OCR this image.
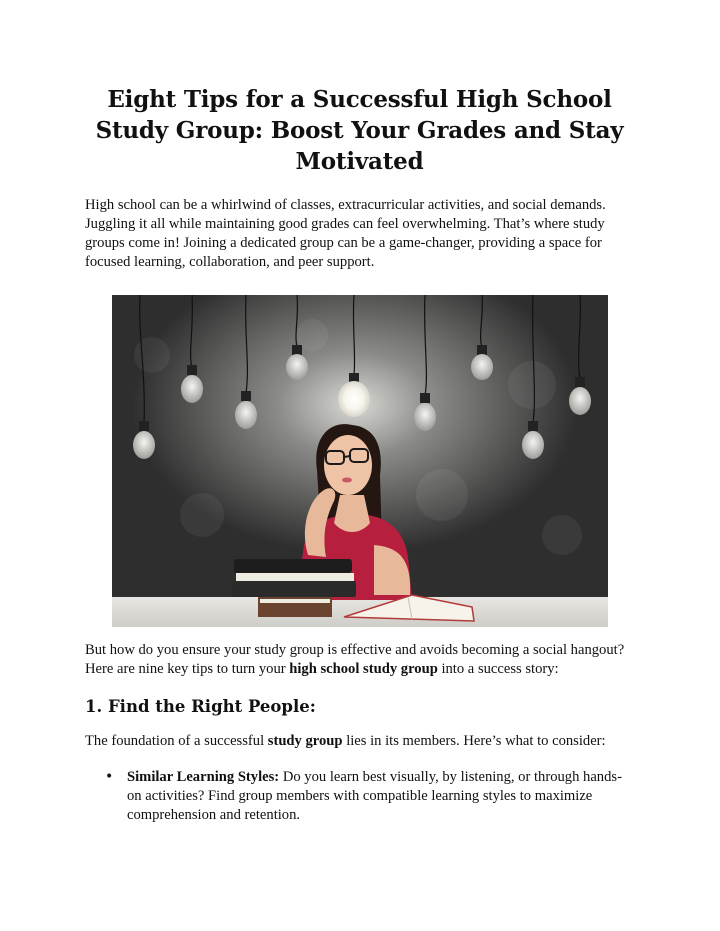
Eight Tips for a Successful High School Study Group: Boost Your Grades and Stay Motivated

High school can be a whirlwind of classes, extracurricular activities, and social demands. Juggling it all while maintaining good grades can feel overwhelming. That’s where study groups come in! Joining a dedicated group can be a game-changer, providing a space for focused learning, collaboration, and peer support.

But how do you ensure your study group is effective and avoids becoming a social hangout? Here are nine key tips to turn your high school study group into a success story:

1. Find the Right People:

The foundation of a successful study group lies in its members. Here’s what to consider:

• Similar Learning Styles: Do you learn best visually, by listening, or through hands-on activities? Find group members with compatible learning styles to maximize comprehension and retention.
